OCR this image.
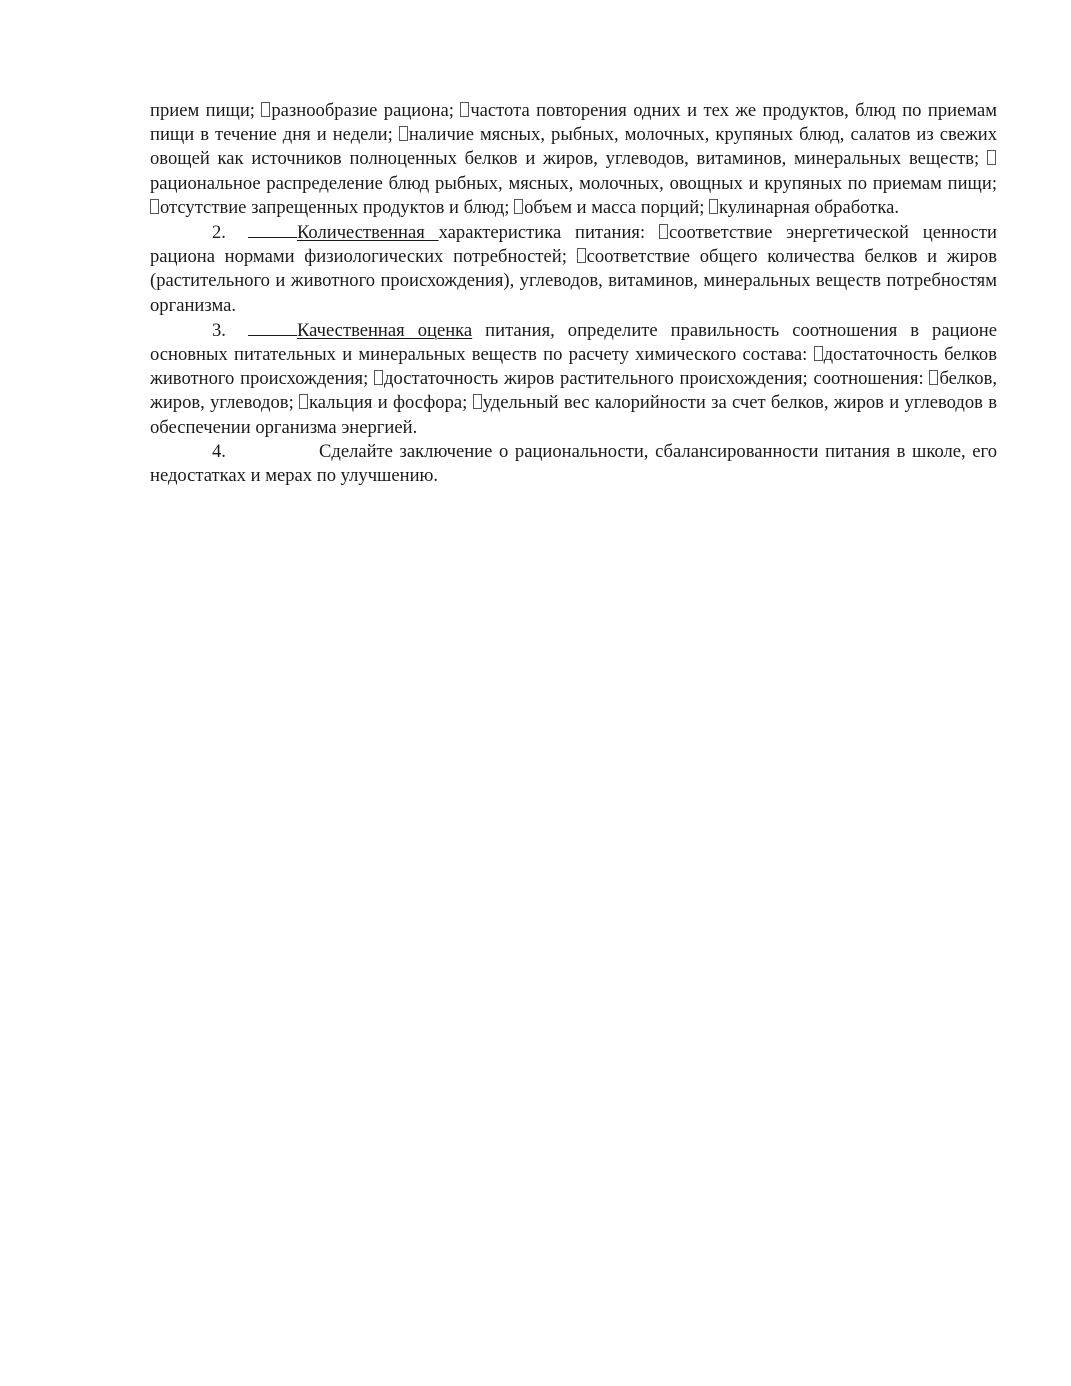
прием пищи; разнообразие рациона; частота повторения одних и тех же продуктов, блюд по приемам пищи в течение дня и недели; наличие мясных, рыбных, молочных, крупяных блюд, салатов из свежих овощей как источников полноценных белков и жиров, углеводов, витаминов, минеральных веществ; рациональное распределение блюд рыбных, мясных, молочных, овощных и крупяных по приемам пищи; отсутствие запрещенных продуктов и блюд; объем и масса порций; кулинарная обработка.

2.	Количественная характеристика питания: соответствие энергетической ценности рациона нормами физиологических потребностей; соответствие общего количества белков и жиров (растительного и животного происхождения), углеводов, витаминов, минеральных веществ потребностям организма.

3.	Качественная оценка питания, определите правильность соотношения в рационе основных питательных и минеральных веществ по расчету химического состава: достаточность белков животного происхождения; достаточность жиров растительного происхождения; соотношения: белков, жиров, углеводов; кальция и фосфора; удельный вес калорийности за счет белков, жиров и углеводов в обеспечении организма энергией.

4.	Сделайте заключение о рациональности, сбалансированности питания в школе, его недостатках и мерах по улучшению.
